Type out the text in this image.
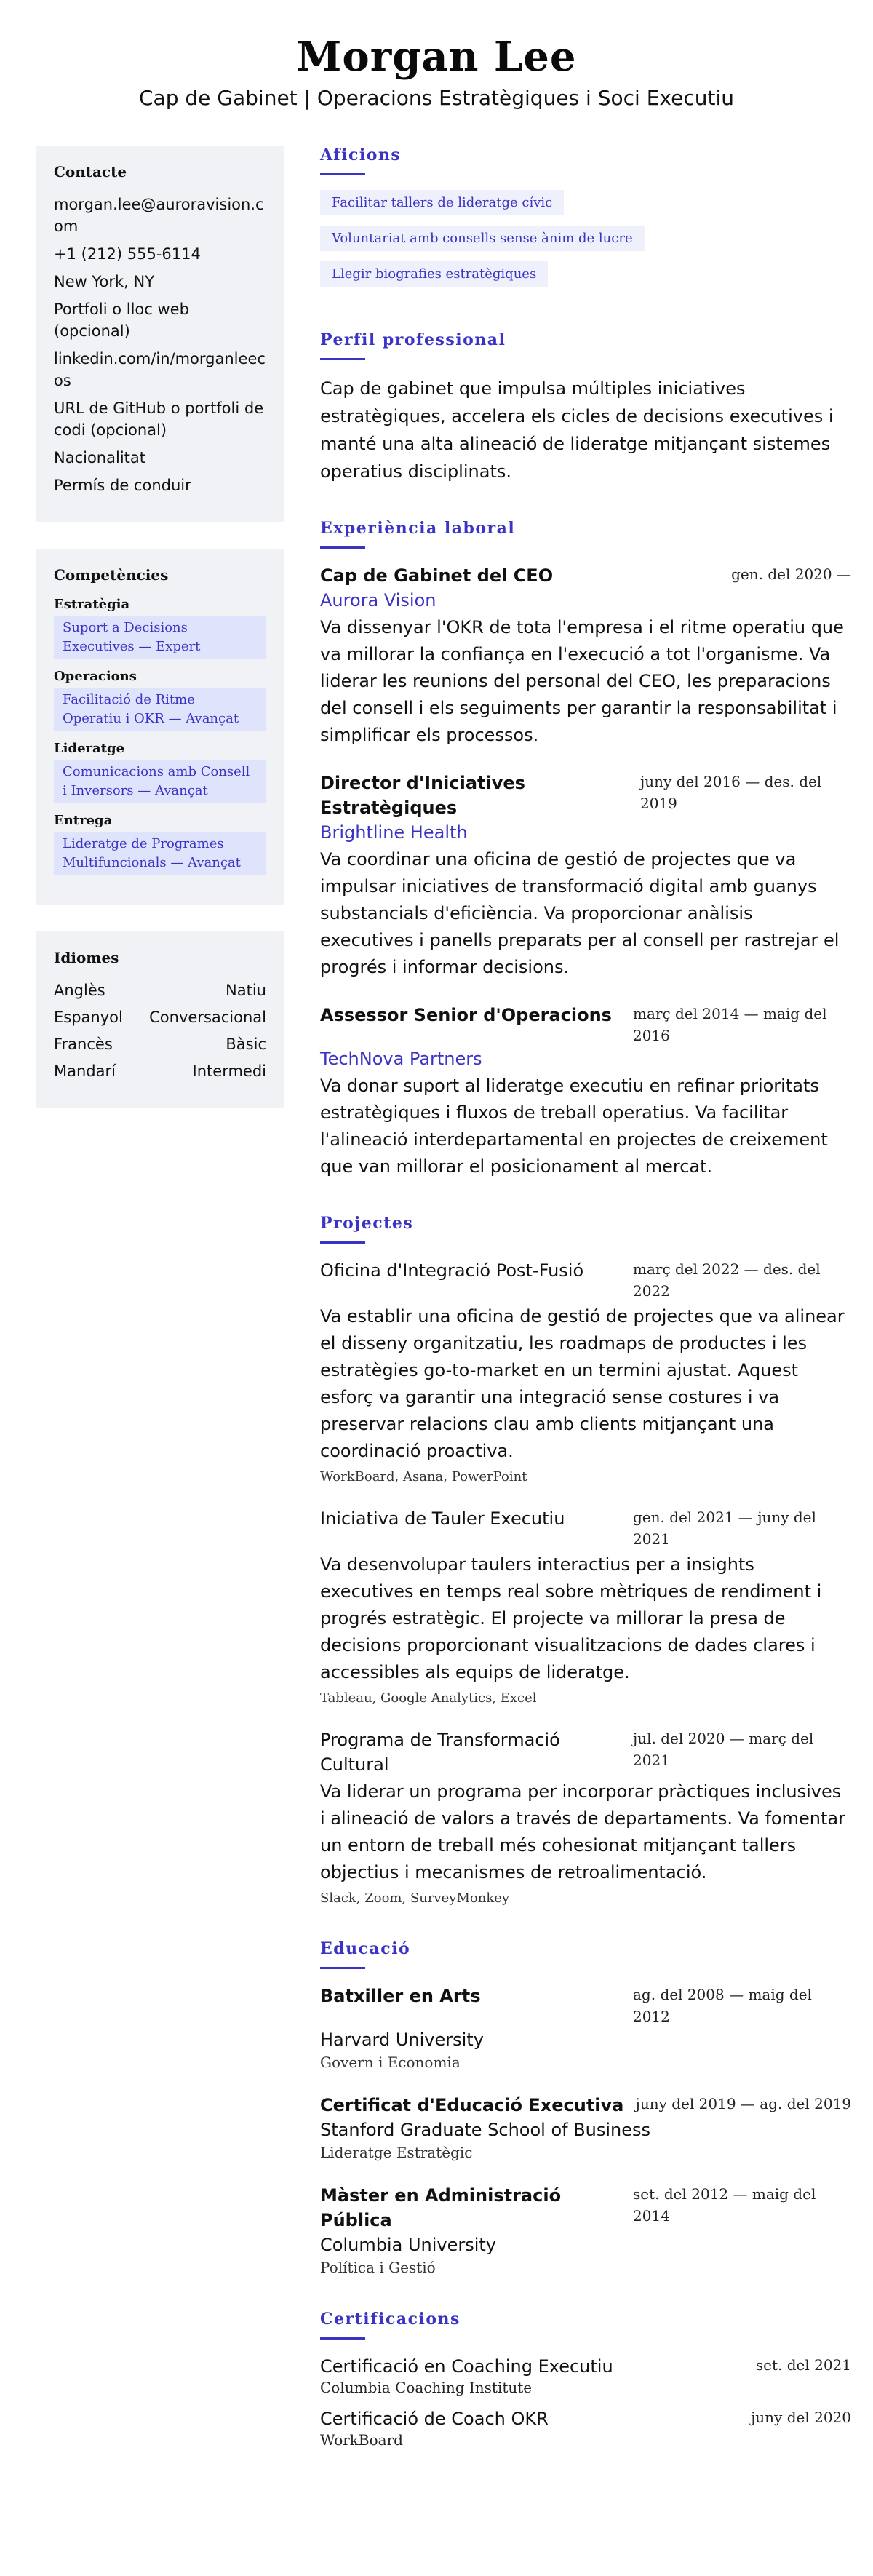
Morgan Lee
Cap de Gabinet | Operacions Estratègiques i Soci Executiu
Contacte
morgan.lee@auroravision.com
+1 (212) 555-6114
New York, NY
Portfoli o lloc web (opcional)
linkedin.com/in/morganleecos
URL de GitHub o portfoli de codi (opcional)
Nacionalitat
Permís de conduir
Competències
Estratègia
Suport a Decisions Executives — Expert
Operacions
Facilitació de Ritme Operatiu i OKR — Avançat
Lideratge
Comunicacions amb Consell i Inversors — Avançat
Entrega
Lideratge de Programes Multifuncionals — Avançat
Idiomes
Anglès	Natiu
Espanyol Conversacional
Francès	Bàsic
Mandarí	Intermedi
Aficions
Facilitar tallers de lideratge cívic
Voluntariat amb consells sense ànim de lucre
Llegir biografies estratègiques
Perfil professional
Cap de gabinet que impulsa múltiples iniciatives estratègiques, accelera els cicles de decisions executives i manté una alta alineació de lideratge mitjançant sistemes operatius disciplinats.
Experiència laboral
Cap de Gabinet del CEO	gen. del 2020 —
Aurora Vision
Va dissenyar l'OKR de tota l'empresa i el ritme operatiu que va millorar la confiança en l'execució a tot l'organisme. Va liderar les reunions del personal del CEO, les preparacions del consell i els seguiments per garantir la responsabilitat i simplificar els processos.
Director d'Iniciatives Estratègiques
juny del 2016 — des. del 2019
Brightline Health
Va coordinar una oficina de gestió de projectes que va impulsar iniciatives de transformació digital amb guanys substancials d'eficiència. Va proporcionar anàlisis executives i panells preparats per al consell per rastrejar el progrés i informar decisions.
Assessor Senior d'Operacions març del 2014 — maig del 2016
TechNova Partners
Va donar suport al lideratge executiu en refinar prioritats estratègiques i fluxos de treball operatius. Va facilitar l'alineació interdepartamental en projectes de creixement que van millorar el posicionament al mercat.
Projectes
Oficina d'Integració Post-Fusió	març del 2022 — des. del 2022
Va establir una oficina de gestió de projectes que va alinear el disseny organitzatiu, les roadmaps de productes i les estratègies go-to-market en un termini ajustat. Aquest esforç va garantir una integració sense costures i va preservar relacions clau amb clients mitjançant una coordinació proactiva.
WorkBoard, Asana, PowerPoint
Iniciativa de Tauler Executiu	gen. del 2021 — juny del 2021
Va desenvolupar taulers interactius per a insights executives en temps real sobre mètriques de rendiment i progrés estratègic. El projecte va millorar la presa de decisions proporcionant visualitzacions de dades clares i accessibles als equips de lideratge.
Tableau, Google Analytics, Excel
Programa de Transformació Cultural
jul. del 2020 — març del 2021
Va liderar un programa per incorporar pràctiques inclusives i alineació de valors a través de departaments. Va fomentar un entorn de treball més cohesionat mitjançant tallers objectius i mecanismes de retroalimentació.
Slack, Zoom, SurveyMonkey
Educació
Batxiller en Arts	ag. del 2008 — maig del 2012
Harvard University
Govern i Economia
Certificat d'Educació Executiva juny del 2019 — ag. del 2019
Stanford Graduate School of Business
Lideratge Estratègic
Màster en Administració Pública
set. del 2012 — maig del 2014
Columbia University
Política i Gestió
Certificacions
Certificació en Coaching Executiu
Columbia Coaching Institute
set. del 2021
Certificació de Coach OKR
WorkBoard
juny del 2020
